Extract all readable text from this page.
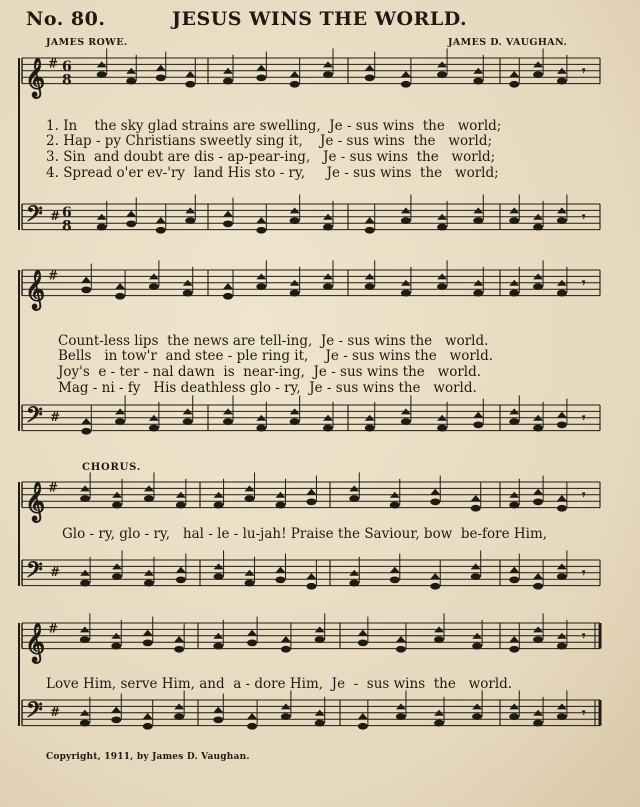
No. 80.	JESUS WINS THE WORLD.
JAMES ROWE.	JAMES D. VAUGHAN.
𝄞 # 6
8
𝄾
𝄢 # 6
8
𝄾
𝄞 #
𝄾
𝄢 #	𝄾
𝄞 #
𝄾
𝄢 #	𝄾
𝄞 #
𝄾
𝄢 #	𝄾
1. In    the sky glad strains are swelling,  Je - sus wins  the   world;
2. Hap - py Christians sweetly sing it,    Je - sus wins  the   world;
3. Sin  and doubt are dis - ap-pear-ing,   Je - sus wins  the   world;
4. Spread o'er ev-'ry  land His sto - ry,     Je - sus wins  the   world;
Count-less lips  the news are tell-ing,  Je - sus wins the   world.
Bells   in tow'r  and stee - ple ring it,    Je - sus wins the   world.
Joy's  e - ter - nal dawn  is  near-ing,  Je - sus wins the   world.
Mag - ni - fy   His deathless glo - ry,  Je - sus wins the   world.
CHORUS.
Glo - ry, glo - ry,   hal - le - lu-jah! Praise the Saviour, bow  be-fore Him,
Love Him, serve Him, and  a - dore Him,  Je  -  sus wins  the   world.
Copyright, 1911, by James D. Vaughan.
